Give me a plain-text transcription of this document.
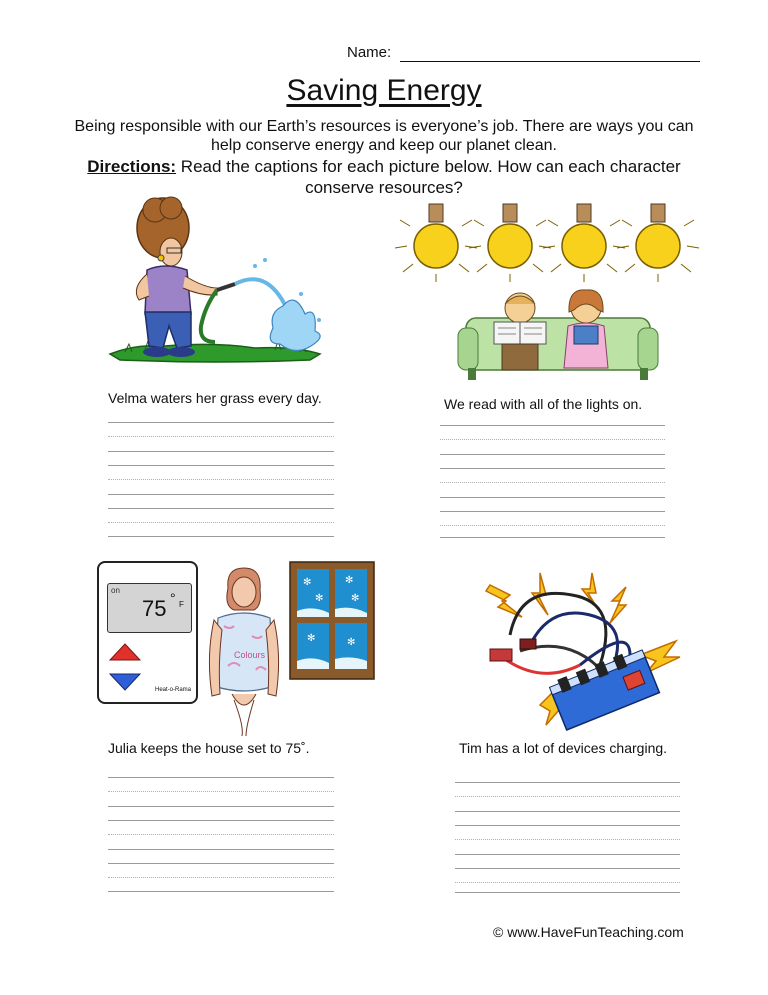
Name:
Saving Energy
Being responsible with our Earth’s resources is everyone’s job. There are ways you can help conserve energy and keep our planet clean.
Directions: Read the captions for each picture below. How can each character conserve resources?
Velma waters her grass every day.	We read with all of the lights on.
on
75 ° F
Heat-o-Rama
Colours
✻
✻
✻
✻
✻	✻
Julia keeps the house set to 75˚.	Tim has a lot of devices charging.
© www.HaveFunTeaching.com
